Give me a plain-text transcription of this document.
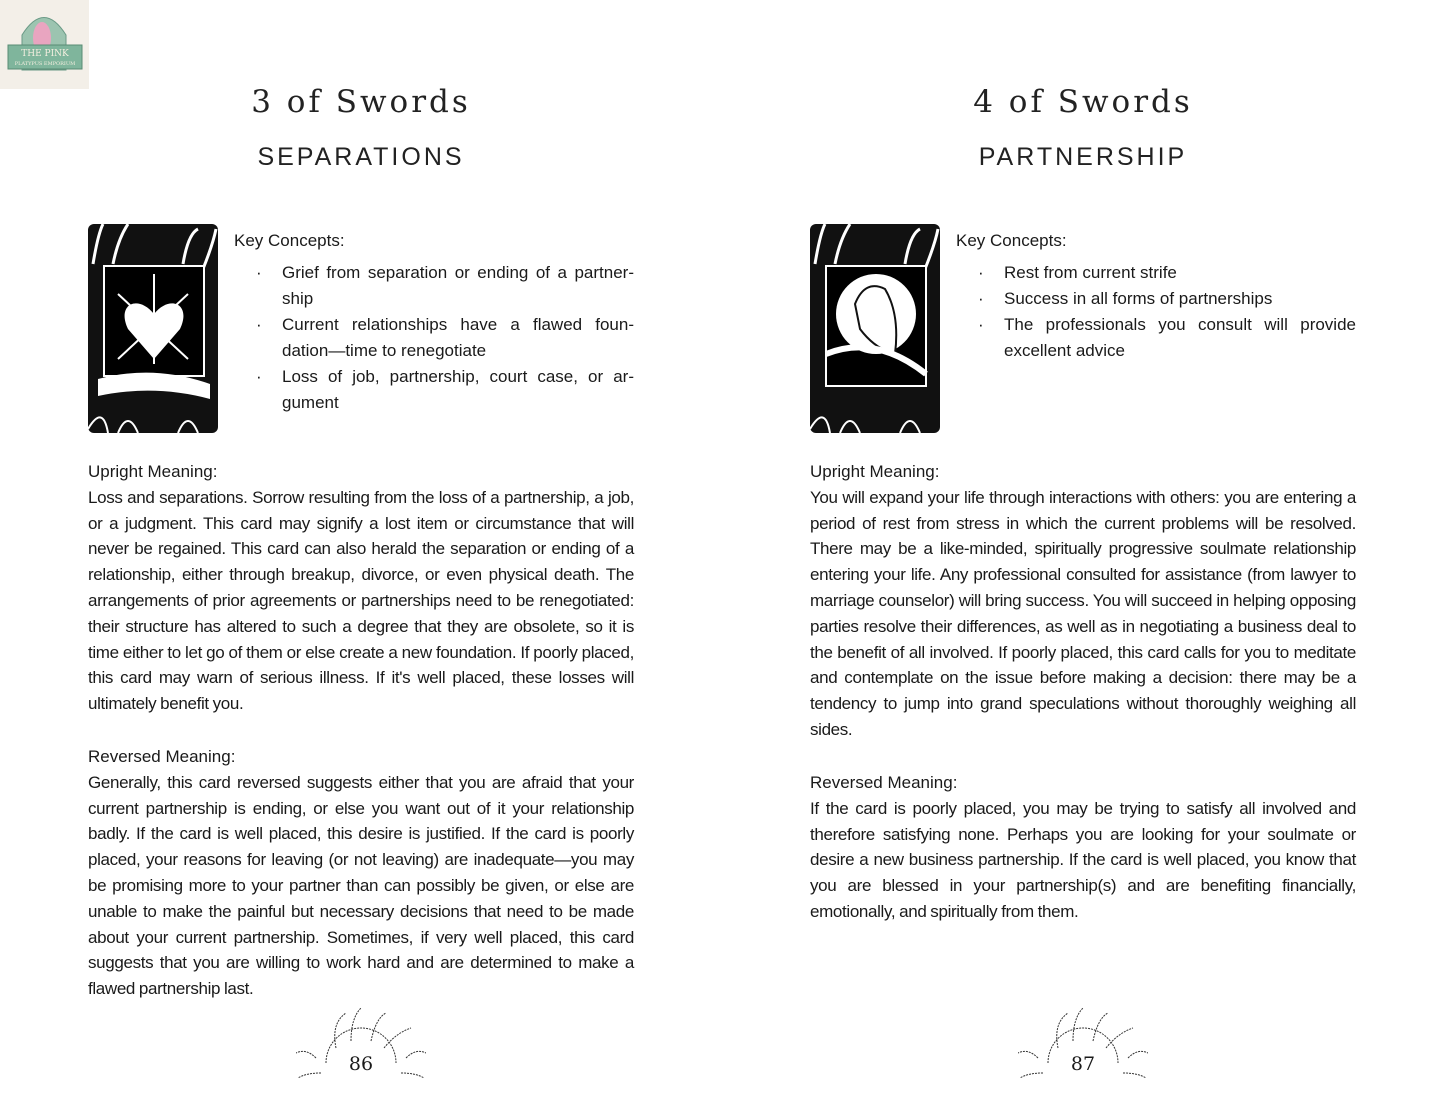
THE PINK
PLATYPUS EMPORIUM
3 of Swords
SEPARATIONS
Key Concepts:
· Grief from separation or ending of a partner-ship
· Current relationships have a flawed foun-dation—time to renegotiate
· Loss of job, partnership, court case, or ar-gument
Upright Meaning:

Loss and separations. Sorrow resulting from the loss of a partnership, a job, or a judgment. This card may signify a lost item or circumstance that will never be regained. This card can also herald the separation or ending of a relationship, either through breakup, divorce, or even physical death. The arrangements of prior agreements or partnerships need to be renegotiated: their structure has altered to such a degree that they are obsolete, so it is time either to let go of them or else create a new foundation. If poorly placed, this card may warn of serious illness. If it's well placed, these losses will ultimately benefit you.

Reversed Meaning:

Generally, this card reversed suggests either that you are afraid that your current partnership is ending, or else you want out of it your relationship badly. If the card is well placed, this desire is justified. If the card is poorly placed, your reasons for leaving (or not leaving) are inadequate—you may be promising more to your partner than can possibly be given, or else are unable to make the painful but necessary decisions that need to be made about your current partnership. Sometimes, if very well placed, this card suggests that you are willing to work hard and are determined to make a flawed partnership last.

86
4 of Swords
PARTNERSHIP
Key Concepts:
· Rest from current strife
· Success in all forms of partnerships
· The professionals you consult will provide excellent advice
Upright Meaning:

You will expand your life through interactions with others: you are entering a period of rest from stress in which the current problems will be resolved. There may be a like-minded, spiritually progressive soulmate relationship entering your life. Any professional consulted for assistance (from lawyer to marriage counselor) will bring success. You will succeed in helping opposing parties resolve their differences, as well as in negotiating a business deal to the benefit of all involved. If poorly placed, this card calls for you to meditate and contemplate on the issue before making a decision: there may be a tendency to jump into grand speculations without thoroughly weighing all sides.

Reversed Meaning:

If the card is poorly placed, you may be trying to satisfy all involved and therefore satisfying none. Perhaps you are looking for your soulmate or desire a new business partnership. If the card is well placed, you know that you are blessed in your partnership(s) and are benefiting financially, emotionally, and spiritually from them.

87
